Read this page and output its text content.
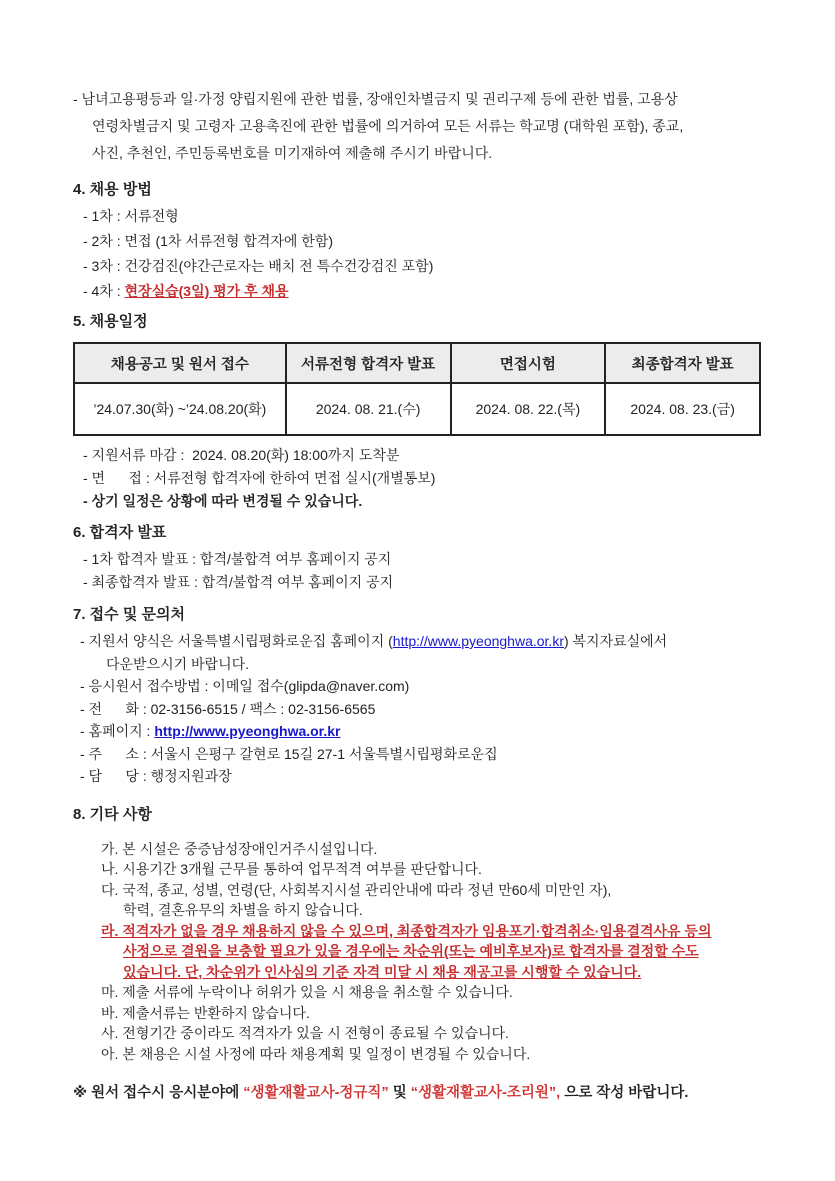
- 남녀고용평등과 일·가정 양립지원에 관한 법률, 장애인차별금지 및 권리구제 등에 관한 법률, 고용상
연령차별금지 및 고령자 고용촉진에 관한 법률에 의거하여 모든 서류는 학교명 (대학원 포함), 종교,
사진, 추천인, 주민등록번호를 미기재하여 제출해 주시기 바랍니다.
4. 채용 방법
- 1차 : 서류전형
- 2차 : 면접 (1차 서류전형 합격자에 한함)
- 3차 : 건강검진(야간근로자는 배치 전 특수건강검진 포함)
- 4차 : 현장실습(3일) 평가 후 채용
5. 채용일정
채용공고 및 원서 접수	서류전형 합격자 발표	면접시험	최종합격자 발표
’24.07.30(화) ~’24.08.20(화)	2024. 08. 21.(수)	2024. 08. 22.(목)	2024. 08. 23.(금)
- 지원서류 마감 :  2024. 08.20(화) 18:00까지 도착분
- 면      접 : 서류전형 합격자에 한하여 면접 실시(개별통보)
- 상기 일정은 상황에 따라 변경될 수 있습니다.
6. 합격자 발표
- 1차 합격자 발표 : 합격/불합격 여부 홈페이지 공지
- 최종합격자 발표 : 합격/불합격 여부 홈페이지 공지
7. 접수 및 문의처
- 지원서 양식은 서울특별시립평화로운집 홈페이지 (http://www.pyeonghwa.or.kr) 복지자료실에서
다운받으시기 바랍니다.
- 응시원서 접수방법 : 이메일 접수(glipda@naver.com)
- 전      화 : 02-3156-6515 / 팩스 : 02-3156-6565
- 홈페이지 : http://www.pyeonghwa.or.kr
- 주      소 : 서울시 은평구 갈현로 15길 27-1 서울특별시립평화로운집
- 담      당 : 행정지원과장
8. 기타 사항
가. 본 시설은 중증남성장애인거주시설입니다.
나. 시용기간 3개월 근무를 통하여 업무적격 여부를 판단합니다.
다. 국적, 종교, 성별, 연령(단, 사회복지시설 관리안내에 따라 정년 만60세 미만인 자),
학력, 결혼유무의 차별을 하지 않습니다.
라. 적격자가 없을 경우 채용하지 않을 수 있으며, 최종합격자가 임용포기·합격취소·임용결격사유 등의
사정으로 결원을 보충할 필요가 있을 경우에는 차순위(또는 예비후보자)로 합격자를 결정할 수도
있습니다. 단, 차순위가 인사심의 기준 자격 미달 시 채용 재공고를 시행할 수 있습니다.
마. 제출 서류에 누락이나 허위가 있을 시 채용을 취소할 수 있습니다.
바. 제출서류는 반환하지 않습니다.
사. 전형기간 중이라도 적격자가 있을 시 전형이 종료될 수 있습니다.
아. 본 채용은 시설 사정에 따라 채용계획 및 일정이 변경될 수 있습니다.
※ 원서 접수시 응시분야에 “생활재활교사-정규직” 및 “생활재활교사-조리원”, 으로 작성 바랍니다.
